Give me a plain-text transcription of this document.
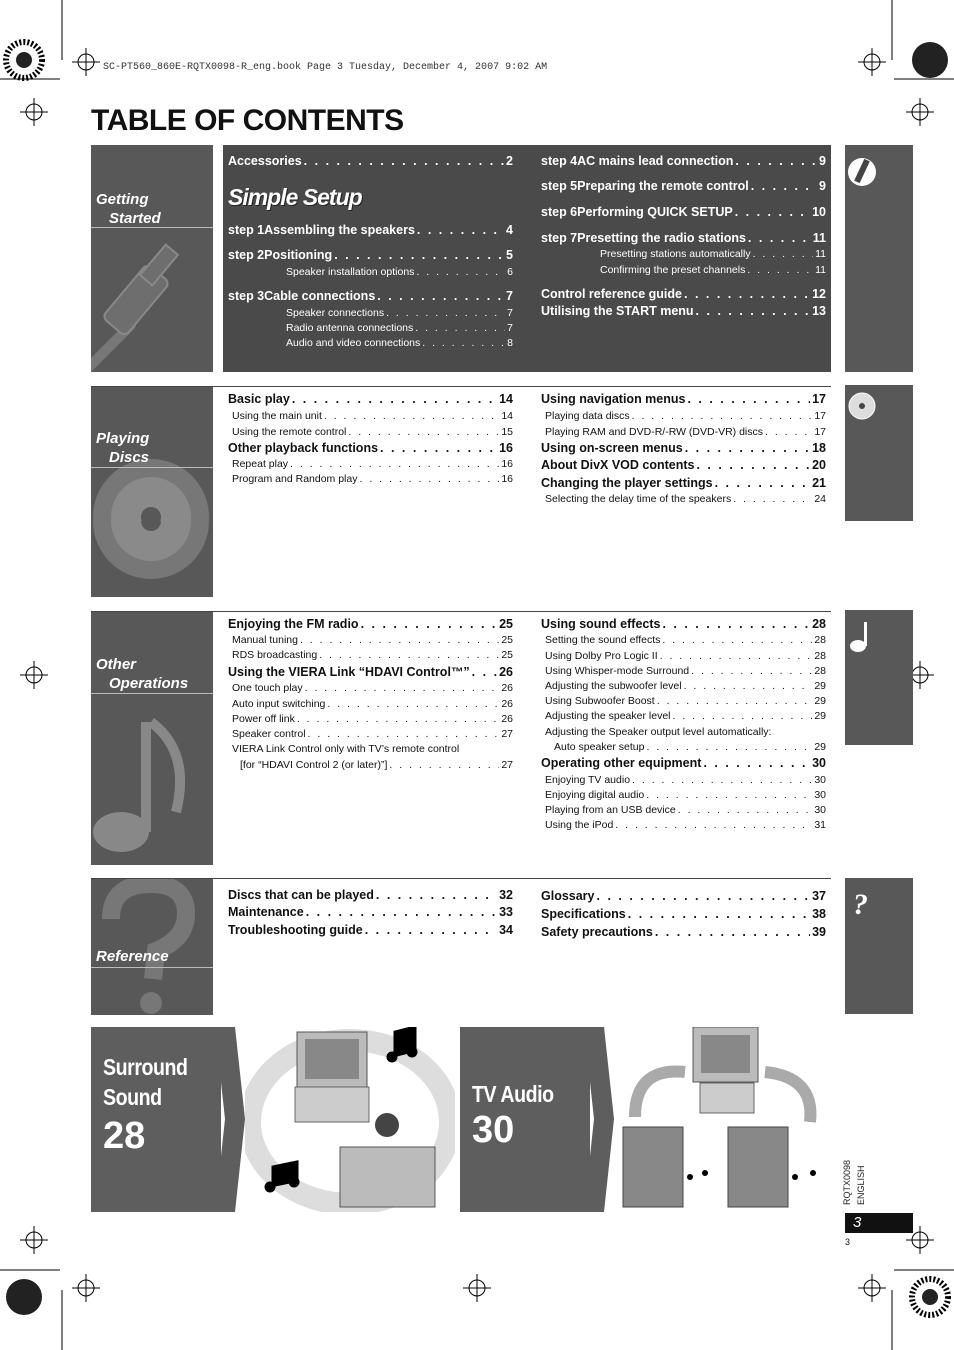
SC-PT560_860E-RQTX0098-R_eng.book Page 3 Tuesday, December 4, 2007 9:02 AM
TABLE OF CONTENTS
Getting
Started
Simple Setup
Playing
Discs
Other
Operations
Reference
?
Surround
Sound
28
TV Audio
30
RQTX0098 ENGLISH
3
3
Accessories . . .	2
step 1 Assembling the speakers . . .	4
step 2 Positioning . . .	5
Speaker installation options . . .	6
step 3 Cable connections . . .	7
Speaker connections . . .	7
Radio antenna connections . . .	7
Audio and video connections . . .	8
step 4 AC mains lead connection . . .	9
step 5 Preparing the remote control . . .	9
step 6 Performing QUICK SETUP . . .	10
step 7 Presetting the radio stations . . .	11
Presetting stations automatically . . .	11
Confirming the preset channels . . .	11
Control reference guide . . .	12
Utilising the START menu . . .	13
Basic play . . .	14
Using the main unit . . .	14
Using the remote control . . .	15
Other playback functions . . .	16
Repeat play . . .	16
Program and Random play . . .	16
Using navigation menus . . .	17
Playing data discs . . .	17
Playing RAM and DVD-R/-RW (DVD-VR) discs . . .	17
Using on-screen menus . . .	18
About DivX VOD contents . . .	20
Changing the player settings . . .	21
Selecting the delay time of the speakers . . .	24
Enjoying the FM radio . . .	25
Manual tuning . . .	25
RDS broadcasting . . .	25
Using the VIERA Link “HDAVI Control™” . . . 26
One touch play . . .	26
Auto input switching . . .	26
Power off link . . .	26
Speaker control . . .	27
VIERA Link Control only with TV’s remote control
[for “HDAVI Control 2 (or later)”] . . .	27
Using sound effects . . .	28
Setting the sound effects . . .	28
Using Dolby Pro Logic II . . .	28
Using Whisper-mode Surround . . .	28
Adjusting the subwoofer level . . .	29
Using Subwoofer Boost . . .	29
Adjusting the speaker level . . .	29
Adjusting the Speaker output level automatically:
Auto speaker setup . . .	29
Operating other equipment . . .	30
Enjoying TV audio . . .	30
Enjoying digital audio . . .	30
Playing from an USB device . . .	30
Using the iPod . . .	31
Discs that can be played . . .	32
Maintenance . . .	33
Troubleshooting guide . . .	34
Glossary . . .	37
Specifications . . .	38
Safety precautions . . .	39
